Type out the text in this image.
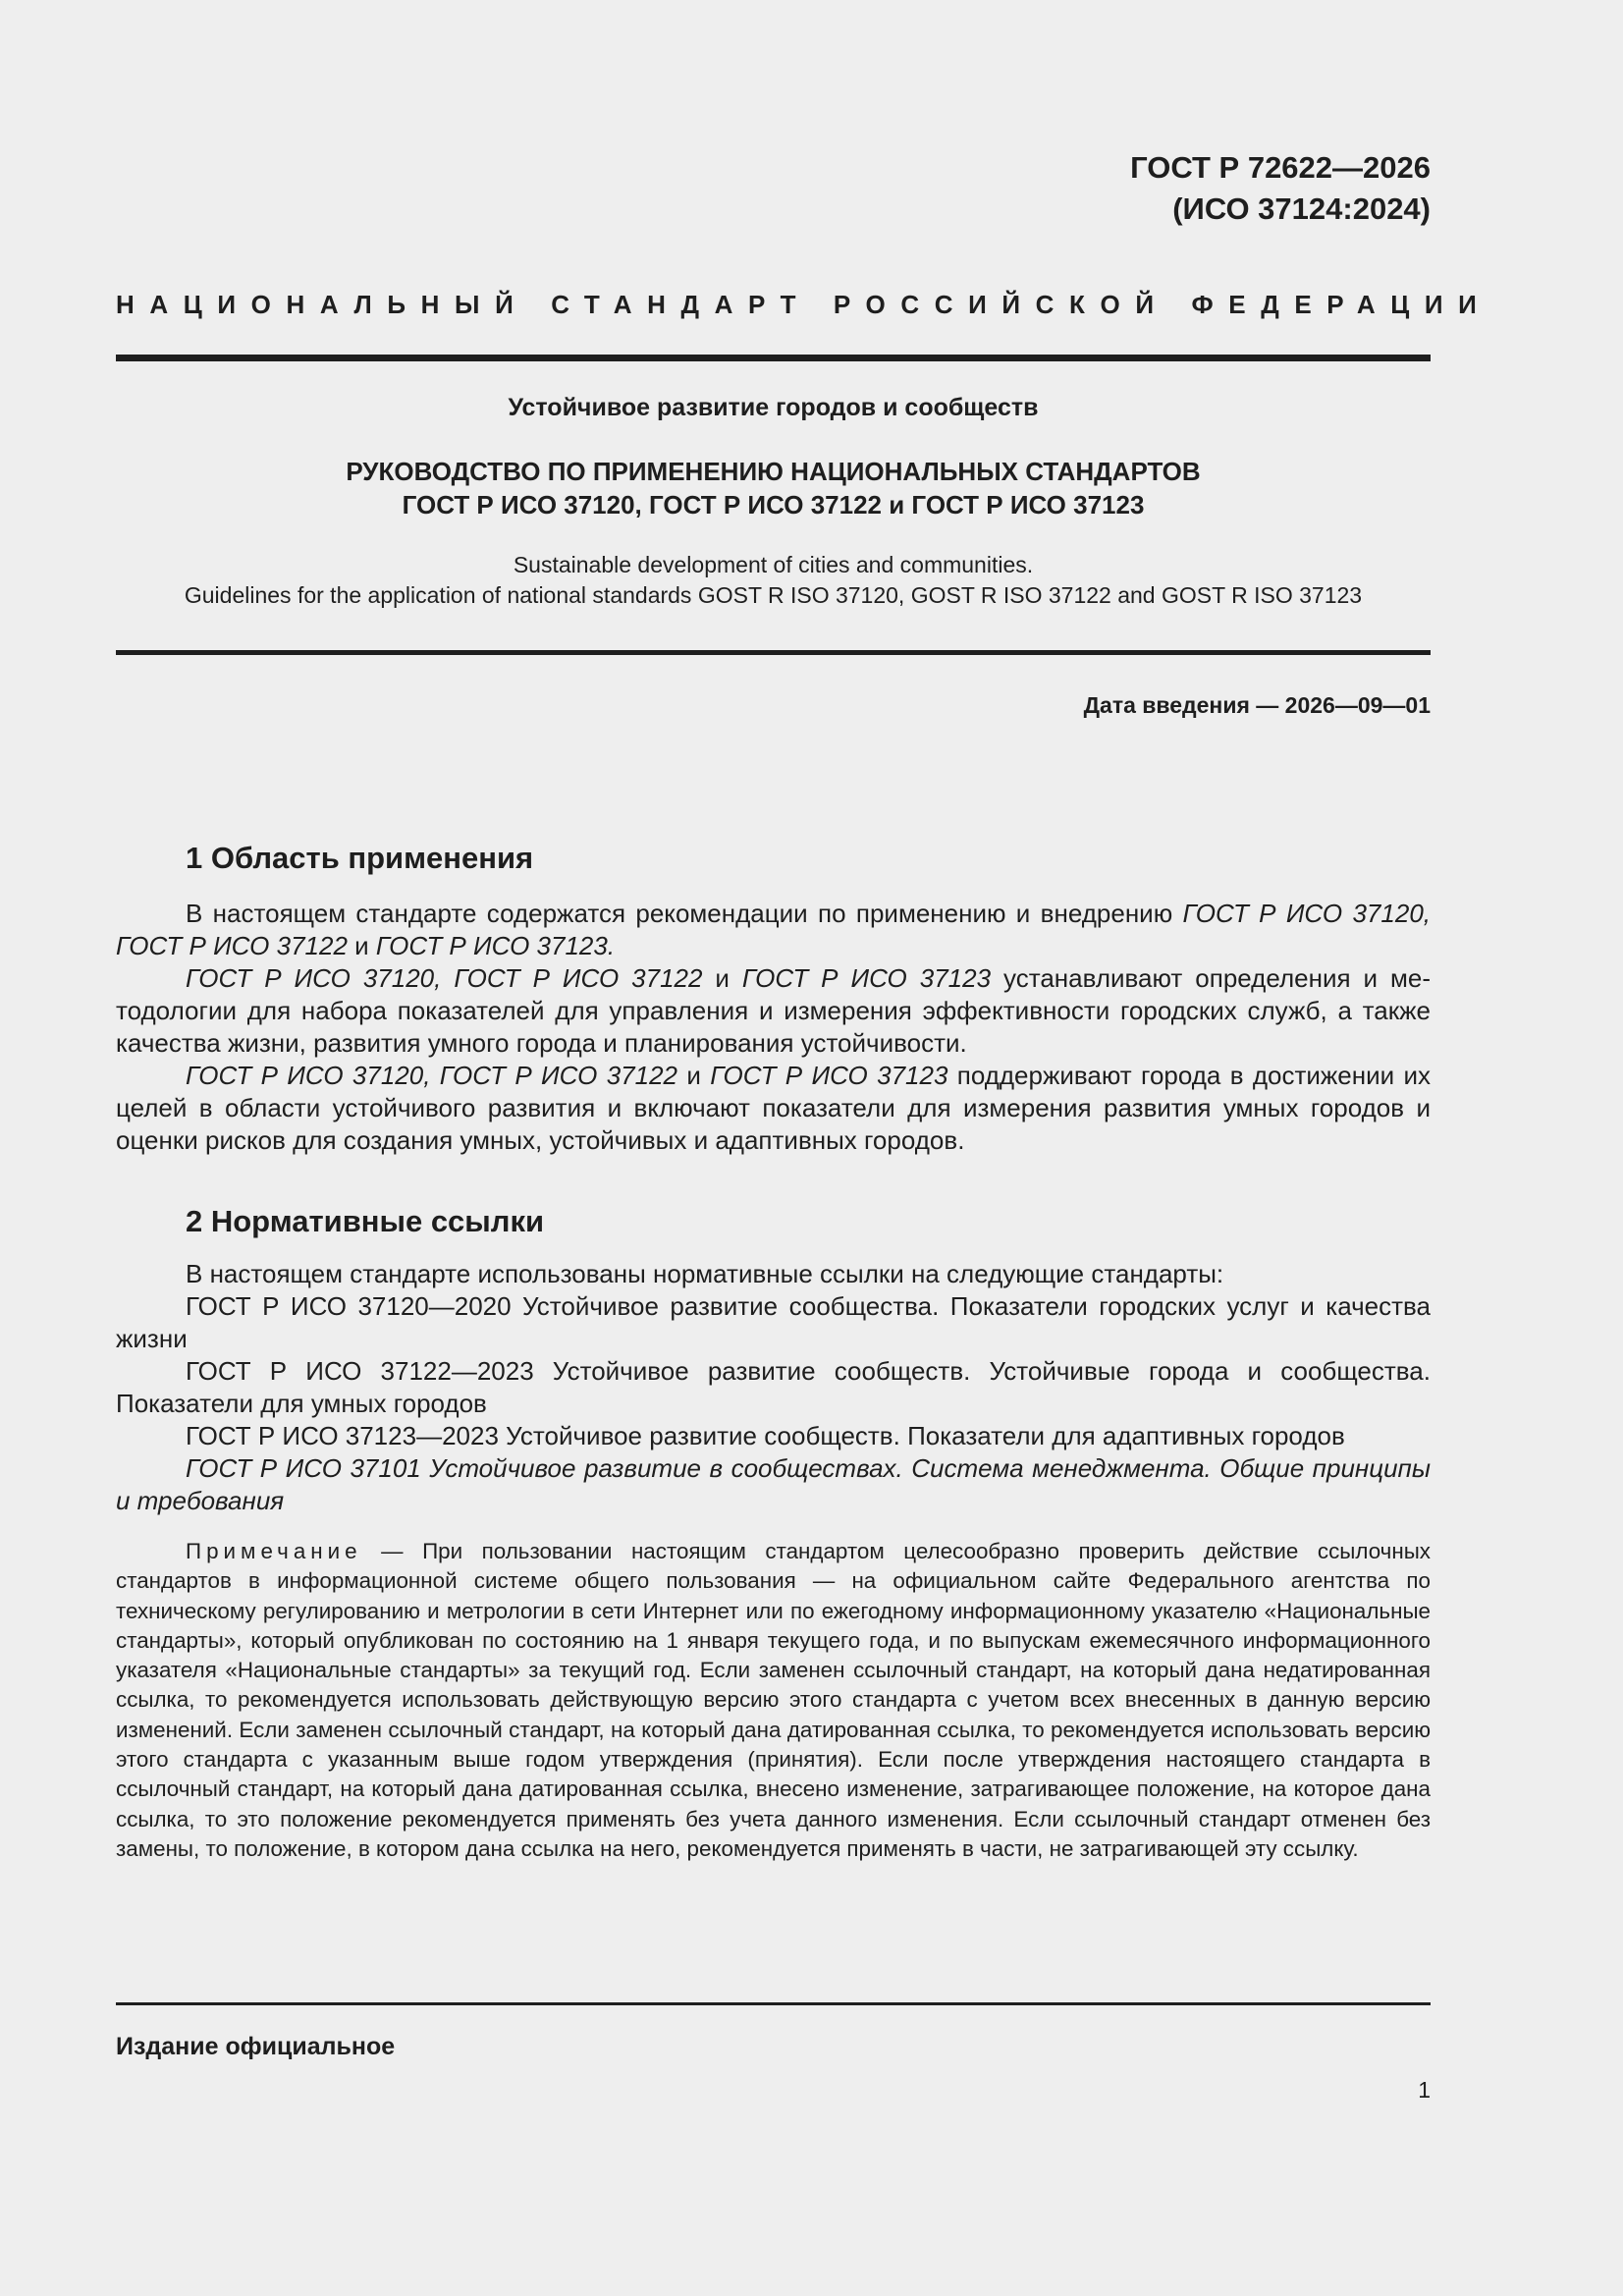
ГОСТ Р 72622—2026
(ИСО 37124:2024)
НАЦИОНАЛЬНЫЙ СТАНДАРТ РОССИЙСКОЙ ФЕДЕРАЦИИ
Устойчивое развитие городов и сообществ
РУКОВОДСТВО ПО ПРИМЕНЕНИЮ НАЦИОНАЛЬНЫХ СТАНДАРТОВ
ГОСТ Р ИСО 37120, ГОСТ Р ИСО 37122 и ГОСТ Р ИСО 37123
Sustainable development of cities and communities.
Guidelines for the application of national standards GOST R ISO 37120, GOST R ISO 37122 and GOST R ISO 37123
Дата введения — 2026—09—01
1 Область применения

В настоящем стандарте содержатся рекомендации по применению и внедрению ГОСТ Р ИСО 37120, ГОСТ Р ИСО 37122 и ГОСТ Р ИСО 37123.

ГОСТ Р ИСО 37120, ГОСТ Р ИСО 37122 и ГОСТ Р ИСО 37123 устанавливают определения и методологии для набора показателей для управления и измерения эффективности городских служб, а также качества жизни, развития умного города и планирования устойчивости.

ГОСТ Р ИСО 37120, ГОСТ Р ИСО 37122 и ГОСТ Р ИСО 37123 поддерживают города в достижении их целей в области устойчивого развития и включают показатели для измерения развития умных городов и оценки рисков для создания умных, устойчивых и адаптивных городов.

2 Нормативные ссылки

В настоящем стандарте использованы нормативные ссылки на следующие стандарты:

ГОСТ Р ИСО 37120—2020 Устойчивое развитие сообщества. Показатели городских услуг и качества жизни

ГОСТ Р ИСО 37122—2023 Устойчивое развитие сообществ. Устойчивые города и сообщества. Показатели для умных городов

ГОСТ Р ИСО 37123—2023 Устойчивое развитие сообществ. Показатели для адаптивных городов

ГОСТ Р ИСО 37101 Устойчивое развитие в сообществах. Система менеджмента. Общие принципы и требования

Примечание — При пользовании настоящим стандартом целесообразно проверить действие ссылочных стандартов в информационной системе общего пользования — на официальном сайте Федерального агентства по техническому регулированию и метрологии в сети Интернет или по ежегодному информационному указателю «Национальные стандарты», который опубликован по состоянию на 1 января текущего года, и по выпускам ежемесячного информационного указателя «Национальные стандарты» за текущий год. Если заменен ссылочный стандарт, на который дана недатированная ссылка, то рекомендуется использовать действующую версию этого стандарта с учетом всех внесенных в данную версию изменений. Если заменен ссылочный стандарт, на который дана датированная ссылка, то рекомендуется использовать версию этого стандарта с указанным выше годом утверждения (принятия). Если после утверждения настоящего стандарта в ссылочный стандарт, на который дана датированная ссылка, внесено изменение, затрагивающее положение, на которое дана ссылка, то это положение рекомендуется применять без учета данного изменения. Если ссылочный стандарт отменен без замены, то положение, в котором дана ссылка на него, рекомендуется применять в части, не затрагивающей эту ссылку.
Издание официальное
1
